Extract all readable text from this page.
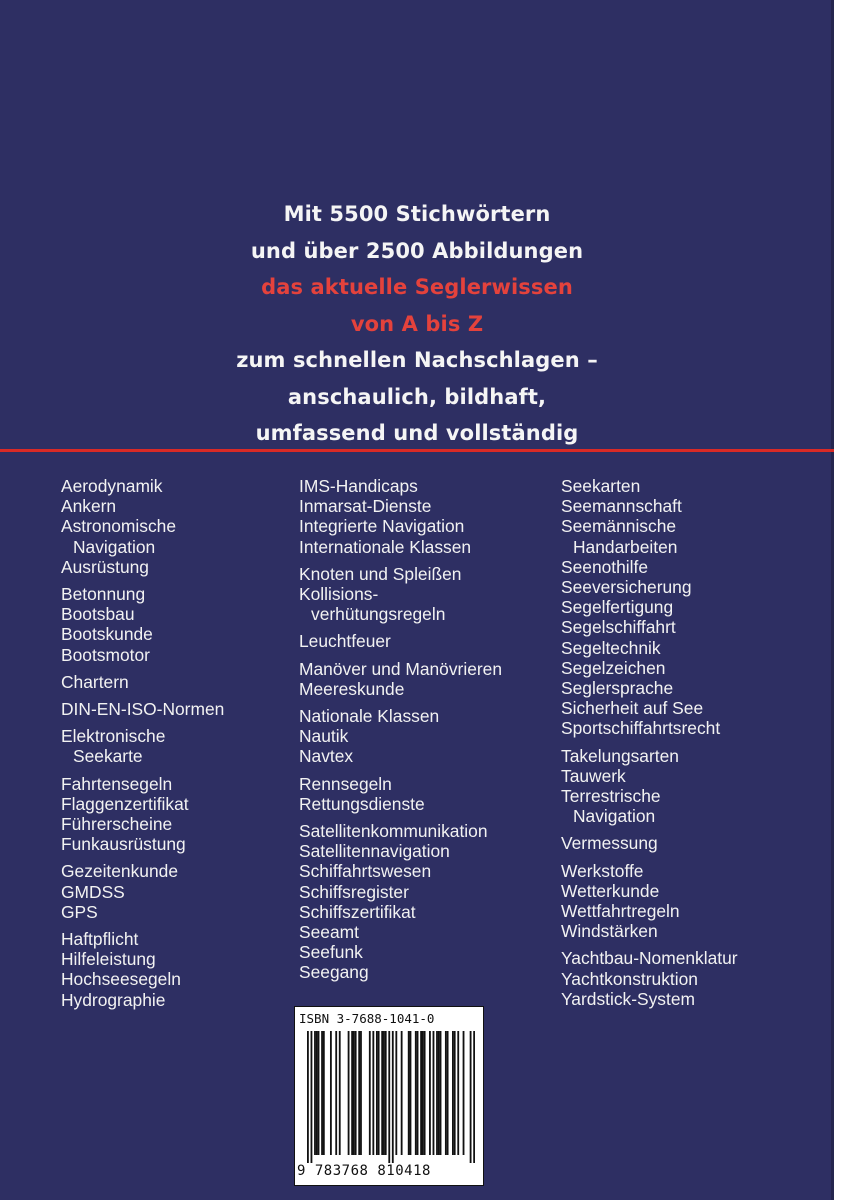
Mit 5500 Stichwörtern
und über 2500 Abbildungen
das aktuelle Seglerwissen
von A bis Z
zum schnellen Nachschlagen –
anschaulich, bildhaft,
umfassend und vollständig
Aerodynamik
Ankern
Astronomische
Navigation
Ausrüstung
Betonnung
Bootsbau
Bootskunde
Bootsmotor
Chartern
DIN-EN-ISO-Normen
Elektronische
Seekarte
Fahrtensegeln
Flaggenzertifikat
Führerscheine
Funkausrüstung
Gezeitenkunde
GMDSS
GPS
Haftpflicht
Hilfeleistung
Hochseesegeln
Hydrographie
IMS-Handicaps
Inmarsat-Dienste
Integrierte Navigation
Internationale Klassen
Knoten und Spleißen
Kollisions-
verhütungsregeln
Leuchtfeuer
Manöver und Manövrieren
Meereskunde
Nationale Klassen
Nautik
Navtex
Rennsegeln
Rettungsdienste
Satellitenkommunikation
Satellitennavigation
Schiffahrtswesen
Schiffsregister
Schiffszertifikat
Seeamt
Seefunk
Seegang
Seekarten
Seemannschaft
Seemännische
Handarbeiten
Seenothilfe
Seeversicherung
Segelfertigung
Segelschiffahrt
Segeltechnik
Segelzeichen
Seglersprache
Sicherheit auf See
Sportschiffahrtsrecht
Takelungsarten
Tauwerk
Terrestrische
Navigation
Vermessung
Werkstoffe
Wetterkunde
Wettfahrtregeln
Windstärken
Yachtbau-Nomenklatur
Yachtkonstruktion
Yardstick-System
ISBN 3-7688-1041-0
9 783768 810418
